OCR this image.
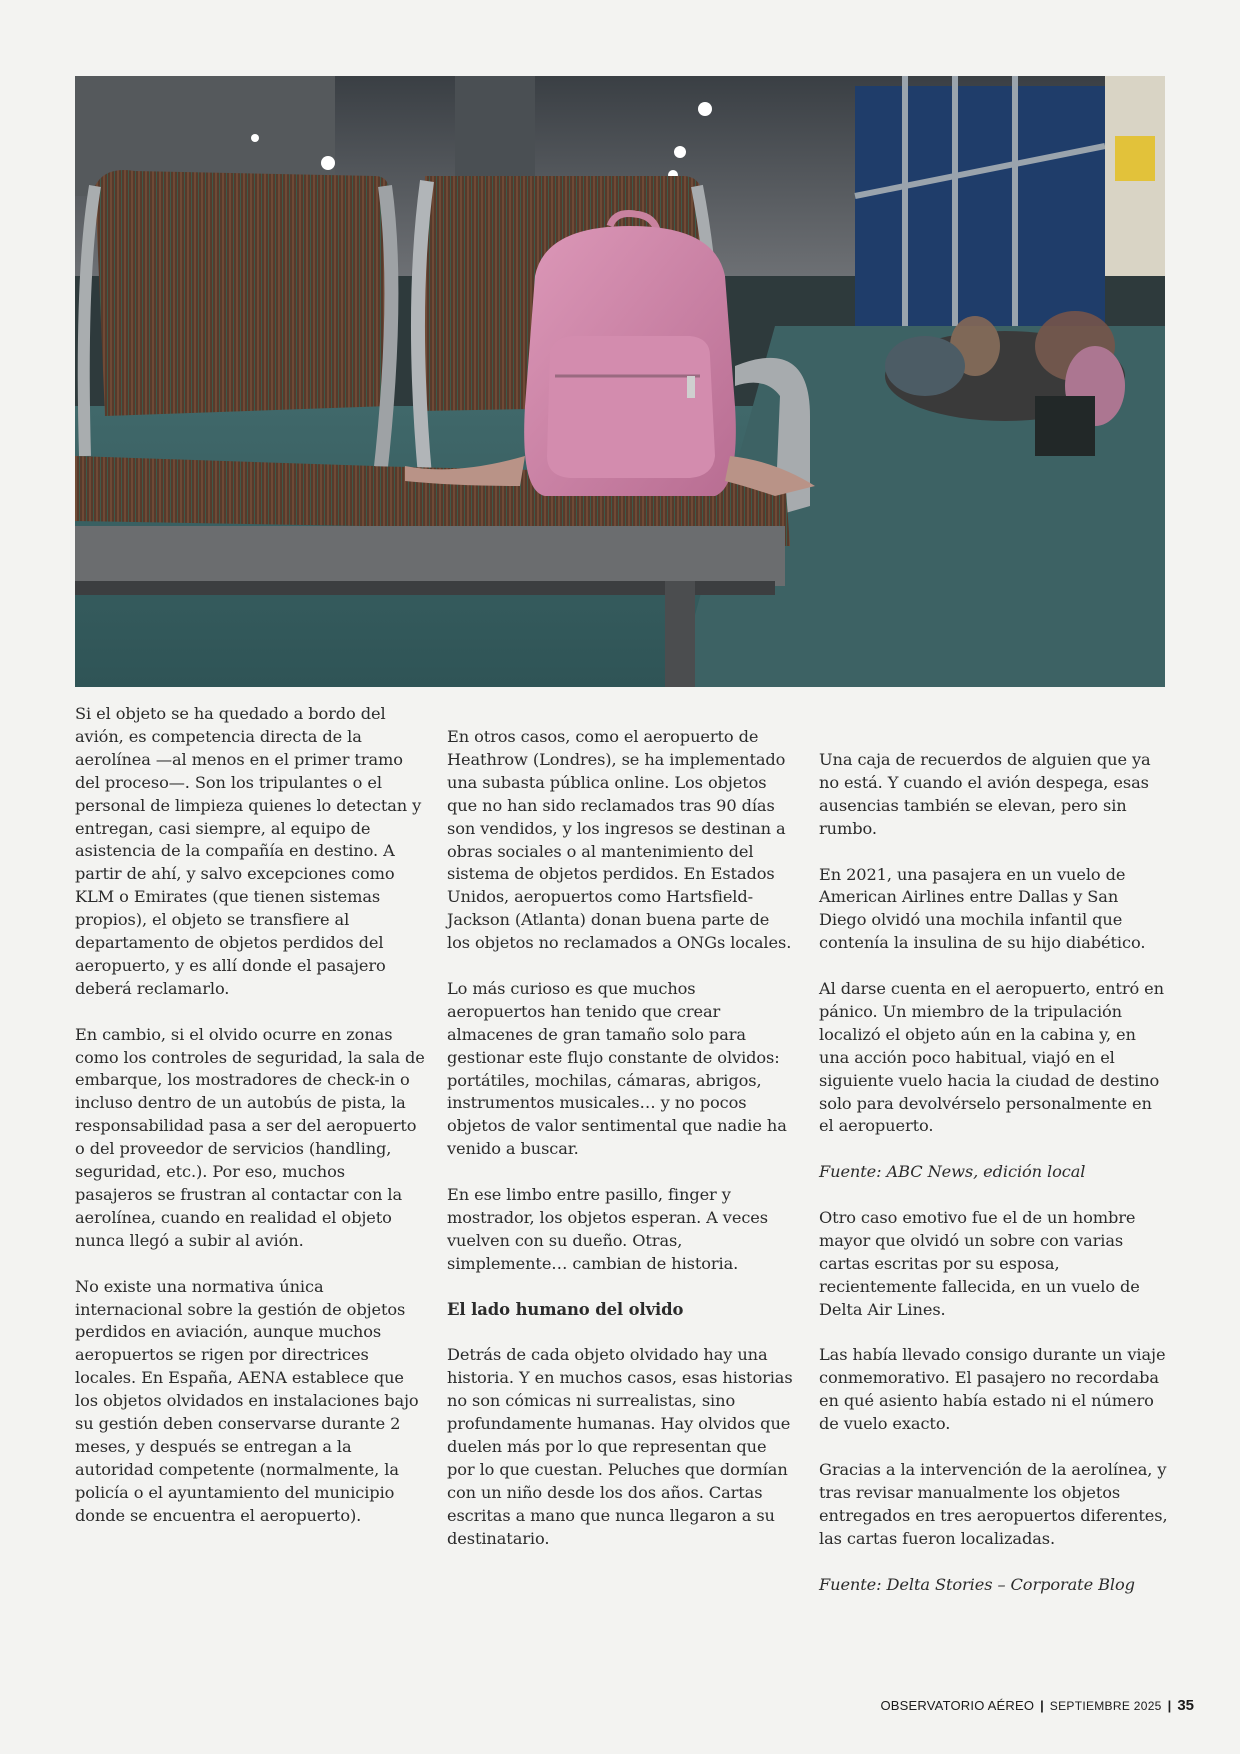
Si el objeto se ha quedado a bordo del avión, es competencia directa de la aerolínea —al menos en el primer tramo del proceso—. Son los tripulantes o el personal de limpieza quienes lo detectan y entregan, casi siempre, al equipo de asistencia de la compañía en destino. A partir de ahí, y salvo excepciones como KLM o Emirates (que tienen sistemas propios), el objeto se transfiere al departamento de objetos perdidos del aeropuerto, y es allí donde el pasajero deberá reclamarlo.

En cambio, si el olvido ocurre en zonas como los controles de seguridad, la sala de embarque, los mostradores de check-in o incluso dentro de un autobús de pista, la responsabilidad pasa a ser del aeropuerto o del proveedor de servicios (handling, seguridad, etc.). Por eso, muchos pasajeros se frustran al contactar con la aerolínea, cuando en realidad el objeto nunca llegó a subir al avión.

No existe una normativa única internacional sobre la gestión de objetos perdidos en aviación, aunque muchos aeropuertos se rigen por directrices locales. En España, AENA establece que los objetos olvidados en instalaciones bajo su gestión deben conservarse durante 2 meses, y después se entregan a la autoridad competente (normalmente, la policía o el ayuntamiento del municipio donde se encuentra el aeropuerto).

En otros casos, como el aeropuerto de Heathrow (Londres), se ha implementado una subasta pública online. Los objetos que no han sido reclamados tras 90 días son vendidos, y los ingresos se destinan a obras sociales o al mantenimiento del sistema de objetos perdidos. En Estados Unidos, aeropuertos como Hartsfield-Jackson (Atlanta) donan buena parte de los objetos no reclamados a ONGs locales.

Lo más curioso es que muchos aeropuertos han tenido que crear almacenes de gran tamaño solo para gestionar este flujo constante de olvidos: portátiles, mochilas, cámaras, abrigos, instrumentos musicales… y no pocos objetos de valor sentimental que nadie ha venido a buscar.

En ese limbo entre pasillo, finger y mostrador, los objetos esperan. A veces vuelven con su dueño. Otras, simplemente… cambian de historia.

El lado humano del olvido

Detrás de cada objeto olvidado hay una historia. Y en muchos casos, esas historias no son cómicas ni surrealistas, sino profundamente humanas. Hay olvidos que duelen más por lo que representan que por lo que cuestan. Peluches que dormían con un niño desde los dos años. Cartas escritas a mano que nunca llegaron a su destinatario.

Una caja de recuerdos de alguien que ya no está. Y cuando el avión despega, esas ausencias también se elevan, pero sin rumbo.

En 2021, una pasajera en un vuelo de American Airlines entre Dallas y San Diego olvidó una mochila infantil que contenía la insulina de su hijo diabético.

Al darse cuenta en el aeropuerto, entró en pánico. Un miembro de la tripulación localizó el objeto aún en la cabina y, en una acción poco habitual, viajó en el siguiente vuelo hacia la ciudad de destino solo para devolvérselo personalmente en el aeropuerto.

Fuente: ABC News, edición local

Otro caso emotivo fue el de un hombre mayor que olvidó un sobre con varias cartas escritas por su esposa, recientemente fallecida, en un vuelo de Delta Air Lines.

Las había llevado consigo durante un viaje conmemorativo. El pasajero no recordaba en qué asiento había estado ni el número de vuelo exacto.

Gracias a la intervención de la aerolínea, y tras revisar manualmente los objetos entregados en tres aeropuertos diferentes, las cartas fueron localizadas.

Fuente: Delta Stories – Corporate Blog

OBSERVATORIO AÉREO | SEPTIEMBRE 2025 | 35
